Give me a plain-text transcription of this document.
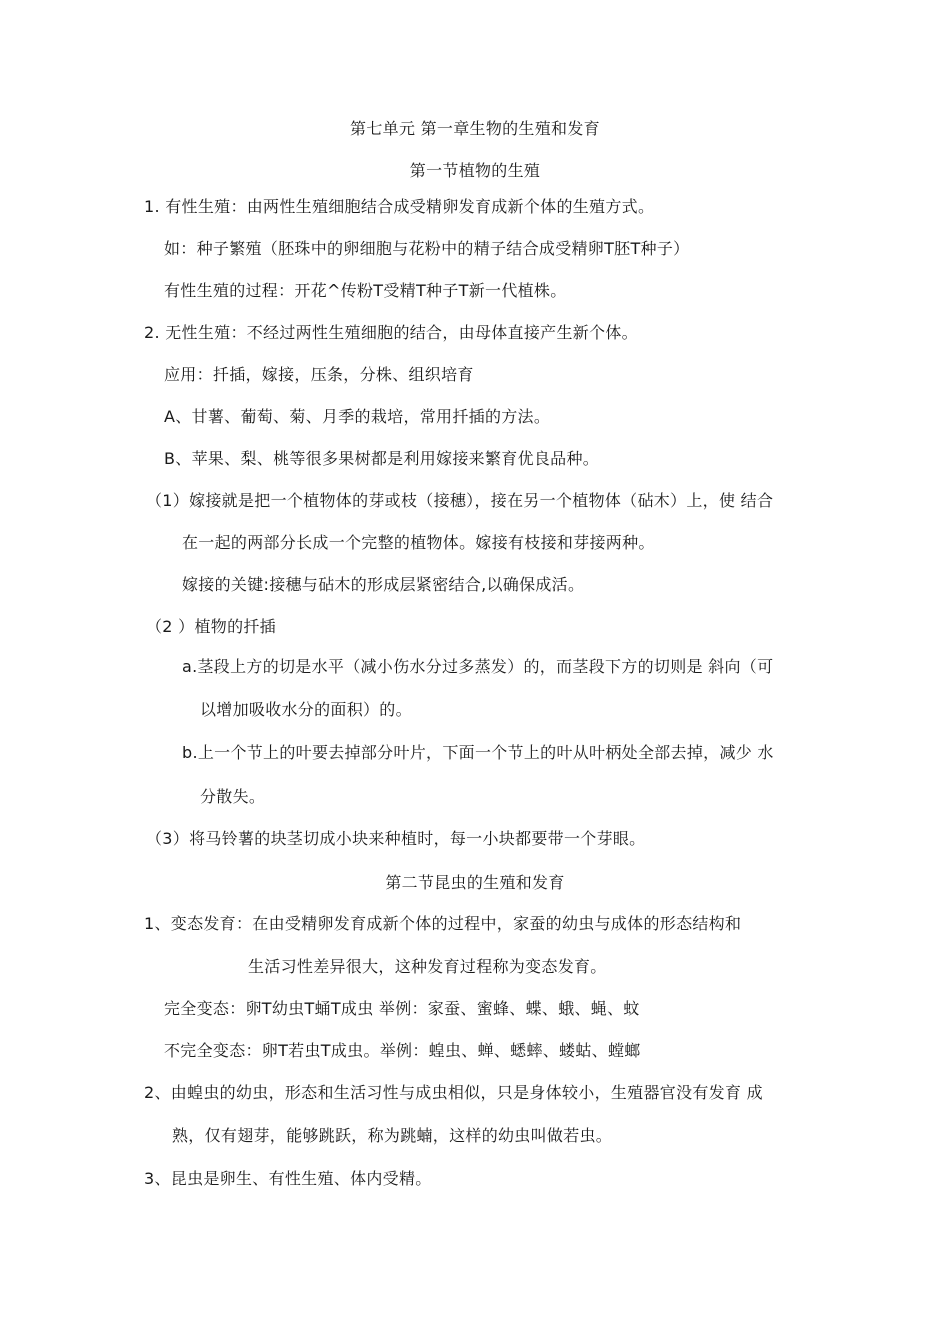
第七单元 第一章生物的生殖和发育
第一节植物的生殖
1. 有性生殖：由两性生殖细胞结合成受精卵发育成新个体的生殖方式。
如：种子繁殖（胚珠中的卵细胞与花粉中的精子结合成受精卵T胚T种子）
有性生殖的过程：开花^传粉T受精T种子T新一代植株。
2. 无性生殖：不经过两性生殖细胞的结合，由母体直接产生新个体。
应用：扦插，嫁接，压条，分株、组织培育
A、甘薯、葡萄、菊、月季的栽培，常用扦插的方法。
B、苹果、梨、桃等很多果树都是利用嫁接来繁育优良品种。
（1）嫁接就是把一个植物体的芽或枝（接穗），接在另一个植物体（砧木）上，使 结合
在一起的两部分长成一个完整的植物体。嫁接有枝接和芽接两种。
嫁接的关键:接穗与砧木的形成层紧密结合,以确保成活。
（2 ）植物的扦插
a.茎段上方的切是水平（减小伤水分过多蒸发）的，而茎段下方的切则是 斜向（可
以增加吸收水分的面积）的。
b.上一个节上的叶要去掉部分叶片，下面一个节上的叶从叶柄处全部去掉，减少 水
分散失。
（3）将马铃薯的块茎切成小块来种植时，每一小块都要带一个芽眼。
第二节昆虫的生殖和发育
1、变态发育：在由受精卵发育成新个体的过程中，家蚕的幼虫与成体的形态结构和
生活习性差异很大，这种发育过程称为变态发育。
完全变态：卵T幼虫T蛹T成虫 举例：家蚕、蜜蜂、蝶、蛾、蝇、蚊
不完全变态：卵T若虫T成虫。举例：蝗虫、蝉、蟋蟀、蝼蛄、螳螂
2、由蝗虫的幼虫，形态和生活习性与成虫相似，只是身体较小，生殖器官没有发育 成
熟，仅有翅芽，能够跳跃，称为跳蝻，这样的幼虫叫做若虫。
3、昆虫是卵生、有性生殖、体内受精。
